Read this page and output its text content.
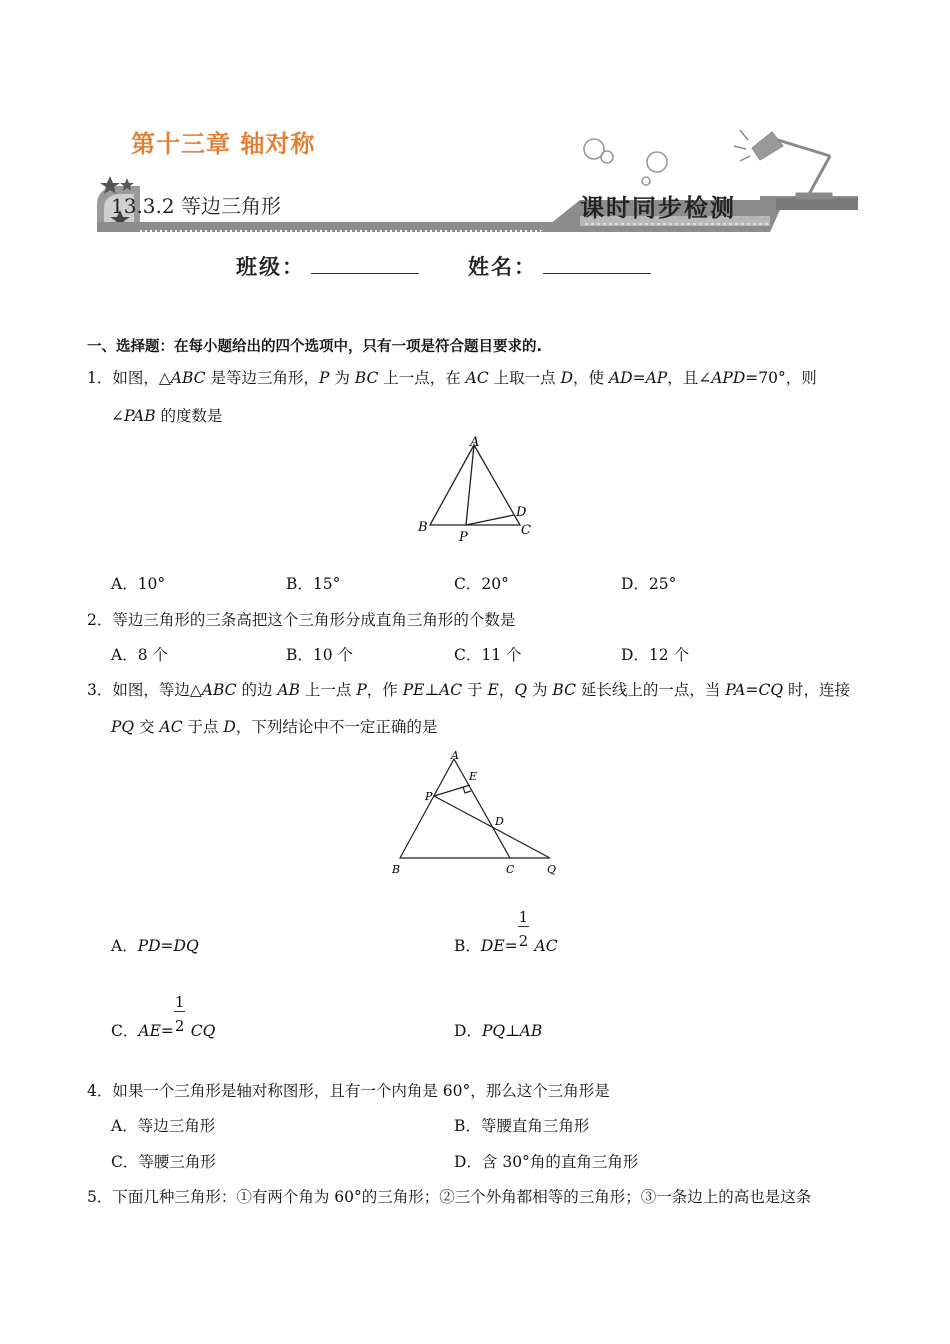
第十三章 轴对称
13.3.2 等边三角形	课时同步检测
班级：	姓名：
一、选择题：在每小题给出的四个选项中，只有一项是符合题目要求的.
1．如图，△ABC 是等边三角形，P 为 BC 上一点，在 AC 上取一点 D，使 AD=AP，且∠APD=70°，则
∠PAB 的度数是
A
B	C
D
P
A．10°	B．15°	C．20°	D．25°
2．等边三角形的三条高把这个三角形分成直角三角形的个数是
A．8 个	B．10 个	C．11 个	D．12 个
3．如图，等边△ABC 的边 AB 上一点 P，作 PE⊥AC 于 E，Q 为 BC 延长线上的一点，当 PA=CQ 时，连接
PQ 交 AC 于点 D，下列结论中不一定正确的是
A
E
P
D
B	C	Q
A．PD=DQ	B．$DE= \frac{1}{2}$ AC
C．$AE= \frac{1}{2}$ CQ	D．PQ⊥AB
4．如果一个三角形是轴对称图形，且有一个内角是 60°，那么这个三角形是
A．等边三角形	B．等腰直角三角形
C．等腰三角形	D．含 30°角的直角三角形
5．下面几种三角形：①有两个角为 60°的三角形；②三个外角都相等的三角形；③一条边上的高也是这条
